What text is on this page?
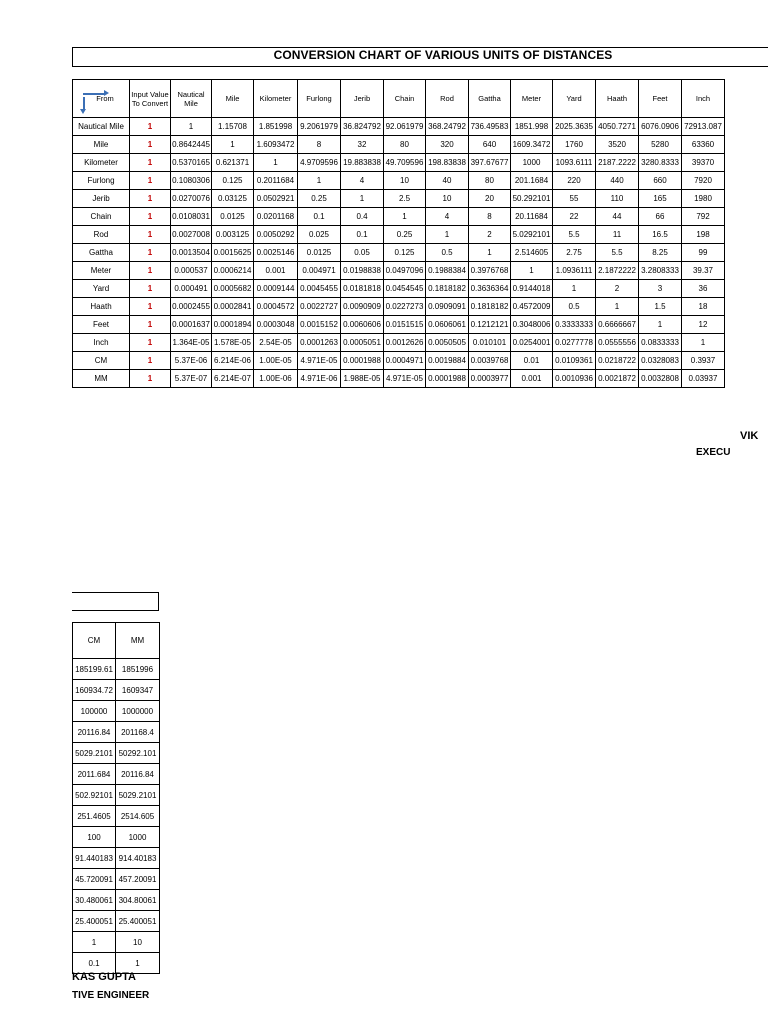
CONVERSION CHART OF VARIOUS UNITS OF DISTANCES
From	Input Value To Convert	Nautical Mile	Mile	Kilometer	Furlong	Jerib	Chain	Rod	Gattha	Meter	Yard	Haath	Feet	Inch
Nautical Mile	1	1	1.15708	1.851998	9.2061979	36.824792	92.061979	368.24792	736.49583	1851.998	2025.3635	4050.7271	6076.0906	72913.087
Mile	1	0.8642445	1	1.6093472	8	32	80	320	640	1609.3472	1760	3520	5280	63360
Kilometer	1	0.5370165	0.621371	1	4.9709596	19.883838	49.709596	198.83838	397.67677	1000	1093.6111	2187.2222	3280.8333	39370
Furlong	1	0.1080306	0.125	0.2011684	1	4	10	40	80	201.1684	220	440	660	7920
Jerib	1	0.0270076	0.03125	0.0502921	0.25	1	2.5	10	20	50.292101	55	110	165	1980
Chain	1	0.0108031	0.0125	0.0201168	0.1	0.4	1	4	8	20.11684	22	44	66	792
Rod	1	0.0027008	0.003125	0.0050292	0.025	0.1	0.25	1	2	5.0292101	5.5	11	16.5	198
Gattha	1	0.0013504	0.0015625	0.0025146	0.0125	0.05	0.125	0.5	1	2.514605	2.75	5.5	8.25	99
Meter	1	0.000537	0.0006214	0.001	0.004971	0.0198838	0.0497096	0.1988384	0.3976768	1	1.0936111	2.1872222	3.2808333	39.37
Yard	1	0.000491	0.0005682	0.0009144	0.0045455	0.0181818	0.0454545	0.1818182	0.3636364	0.9144018	1	2	3	36
Haath	1	0.0002455	0.0002841	0.0004572	0.0022727	0.0090909	0.0227273	0.0909091	0.1818182	0.4572009	0.5	1	1.5	18
Feet	1	0.0001637	0.0001894	0.0003048	0.0015152	0.0060606	0.0151515	0.0606061	0.1212121	0.3048006	0.3333333	0.6666667	1	12
Inch	1	1.364E-05	1.578E-05	2.54E-05	0.0001263	0.0005051	0.0012626	0.0050505	0.010101	0.0254001	0.0277778	0.0555556	0.0833333	1
CM	1	5.37E-06	6.214E-06	1.00E-05	4.971E-05	0.0001988	0.0004971	0.0019884	0.0039768	0.01	0.0109361	0.0218722	0.0328083	0.3937
MM	1	5.37E-07	6.214E-07	1.00E-06	4.971E-06	1.988E-05	4.971E-05	0.0001988	0.0003977	0.001	0.0010936	0.0021872	0.0032808	0.03937
VIK
EXECU
CM	MM
185199.61	1851996
160934.72	1609347
100000	1000000
20116.84	201168.4
5029.2101	50292.101
2011.684	20116.84
502.92101	5029.2101
251.4605	2514.605
100	1000
91.440183	914.40183
45.720091	457.20091
30.480061	304.80061
25.400051	25.400051
1	10
0.1	1
KAS GUPTA
TIVE ENGINEER
